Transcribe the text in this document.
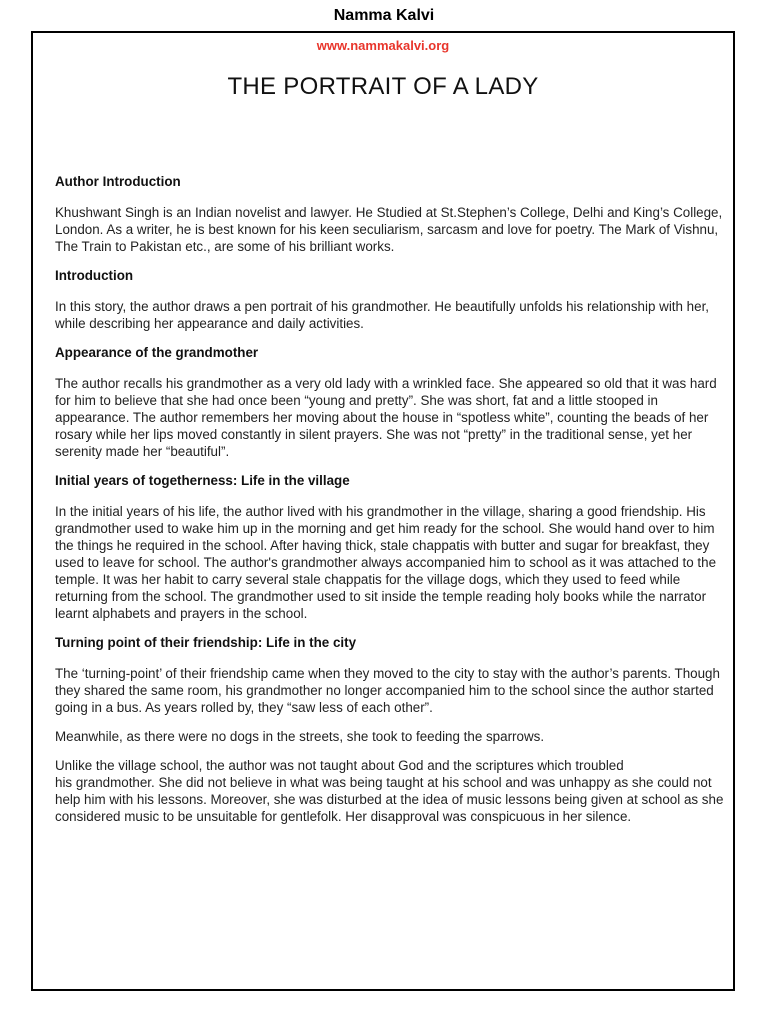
Namma Kalvi
www.nammakalvi.org
THE PORTRAIT OF A LADY

Author Introduction

Khushwant Singh is an Indian novelist and lawyer. He Studied at St.Stephen’s College, Delhi and King’s College, London. As a writer, he is best known for his keen seculiarism, sarcasm and love for poetry. The Mark of Vishnu, The Train to Pakistan etc., are some of his brilliant works.

Introduction

In this story, the author draws a pen portrait of his grandmother. He beautifully unfolds his relationship with her, while describing her appearance and daily activities.

Appearance of the grandmother

The author recalls his grandmother as a very old lady with a wrinkled face. She appeared so old that it was hard for him to believe that she had once been “young and pretty”. She was short, fat and a little stooped in appearance. The author remembers her moving about the house in “spotless white”, counting the beads of her rosary while her lips moved constantly in silent prayers. She was not “pretty” in the traditional sense, yet her serenity made her “beautiful”.

Initial years of togetherness: Life in the village

In the initial years of his life, the author lived with his grandmother in the village, sharing a good friendship. His grandmother used to wake him up in the morning and get him ready for the school. She would hand over to him the things he required in the school. After having thick, stale chappatis with butter and sugar for breakfast, they used to leave for school. The author's grandmother always accompanied him to school as it was attached to the temple. It was her habit to carry several stale chappatis for the village dogs, which they used to feed while returning from the school. The grandmother used to sit inside the temple reading holy books while the narrator learnt alphabets and prayers in the school.

Turning point of their friendship: Life in the city

The ‘turning-point’ of their friendship came when they moved to the city to stay with the author’s parents. Though they shared the same room, his grandmother no longer accompanied him to the school since the author started going in a bus. As years rolled by, they “saw less of each other”.

Meanwhile, as there were no dogs in the streets, she took to feeding the sparrows.

Unlike the village school, the author was not taught about God and the scriptures which troubled
his grandmother. She did not believe in what was being taught at his school and was unhappy as she could not help him with his lessons. Moreover, she was disturbed at the idea of music lessons being given at school as she considered music to be unsuitable for gentlefolk. Her disapproval was conspicuous in her silence.
